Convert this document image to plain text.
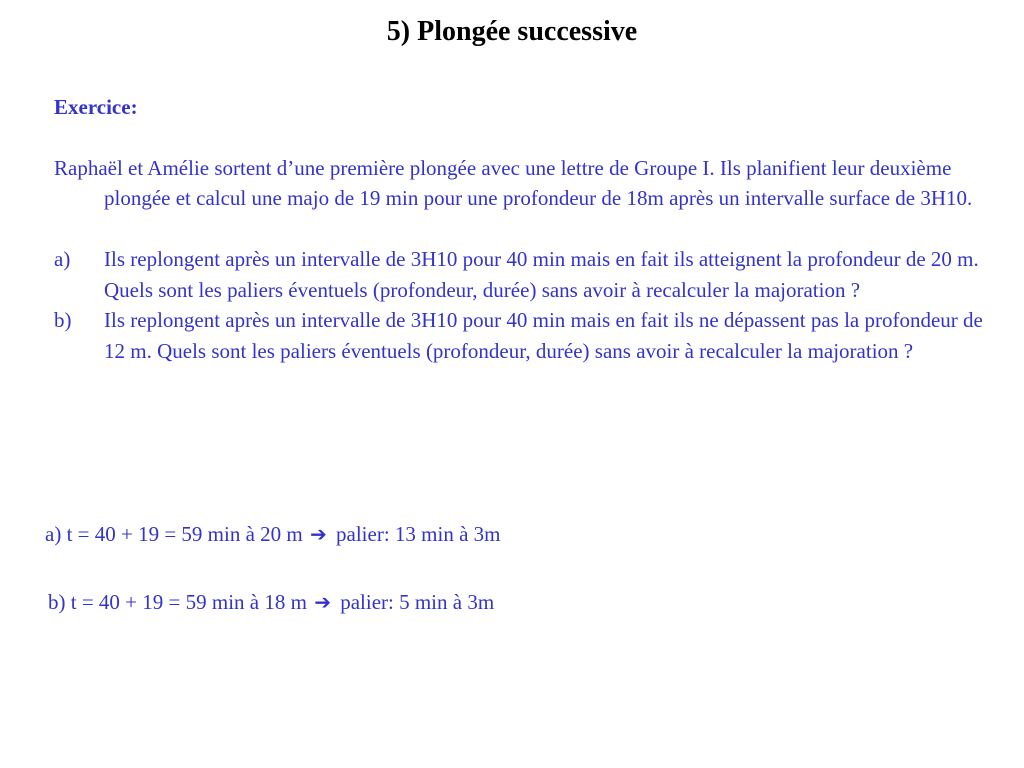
5) Plongée successive

Exercice:

Raphaël et Amélie sortent d’une première plongée avec une lettre de Groupe I. Ils planifient leur deuxième plongée et calcul une majo de 19 min pour une profondeur de 18m après un intervalle surface de 3H10.

a)	Ils replongent après un intervalle de 3H10 pour 40 min mais en fait ils atteignent la profondeur de 20 m. Quels sont les paliers éventuels (profondeur, durée) sans avoir à recalculer la majoration ?
b)	Ils replongent après un intervalle de 3H10 pour 40 min mais en fait ils ne dépassent pas la profondeur de 12 m. Quels sont les paliers éventuels (profondeur, durée) sans avoir à recalculer la majoration ?
a) t = 40 + 19 = 59 min à 20 m ➔ palier: 13 min à 3m
b) t = 40 + 19 = 59 min à 18 m ➔ palier: 5 min à 3m
